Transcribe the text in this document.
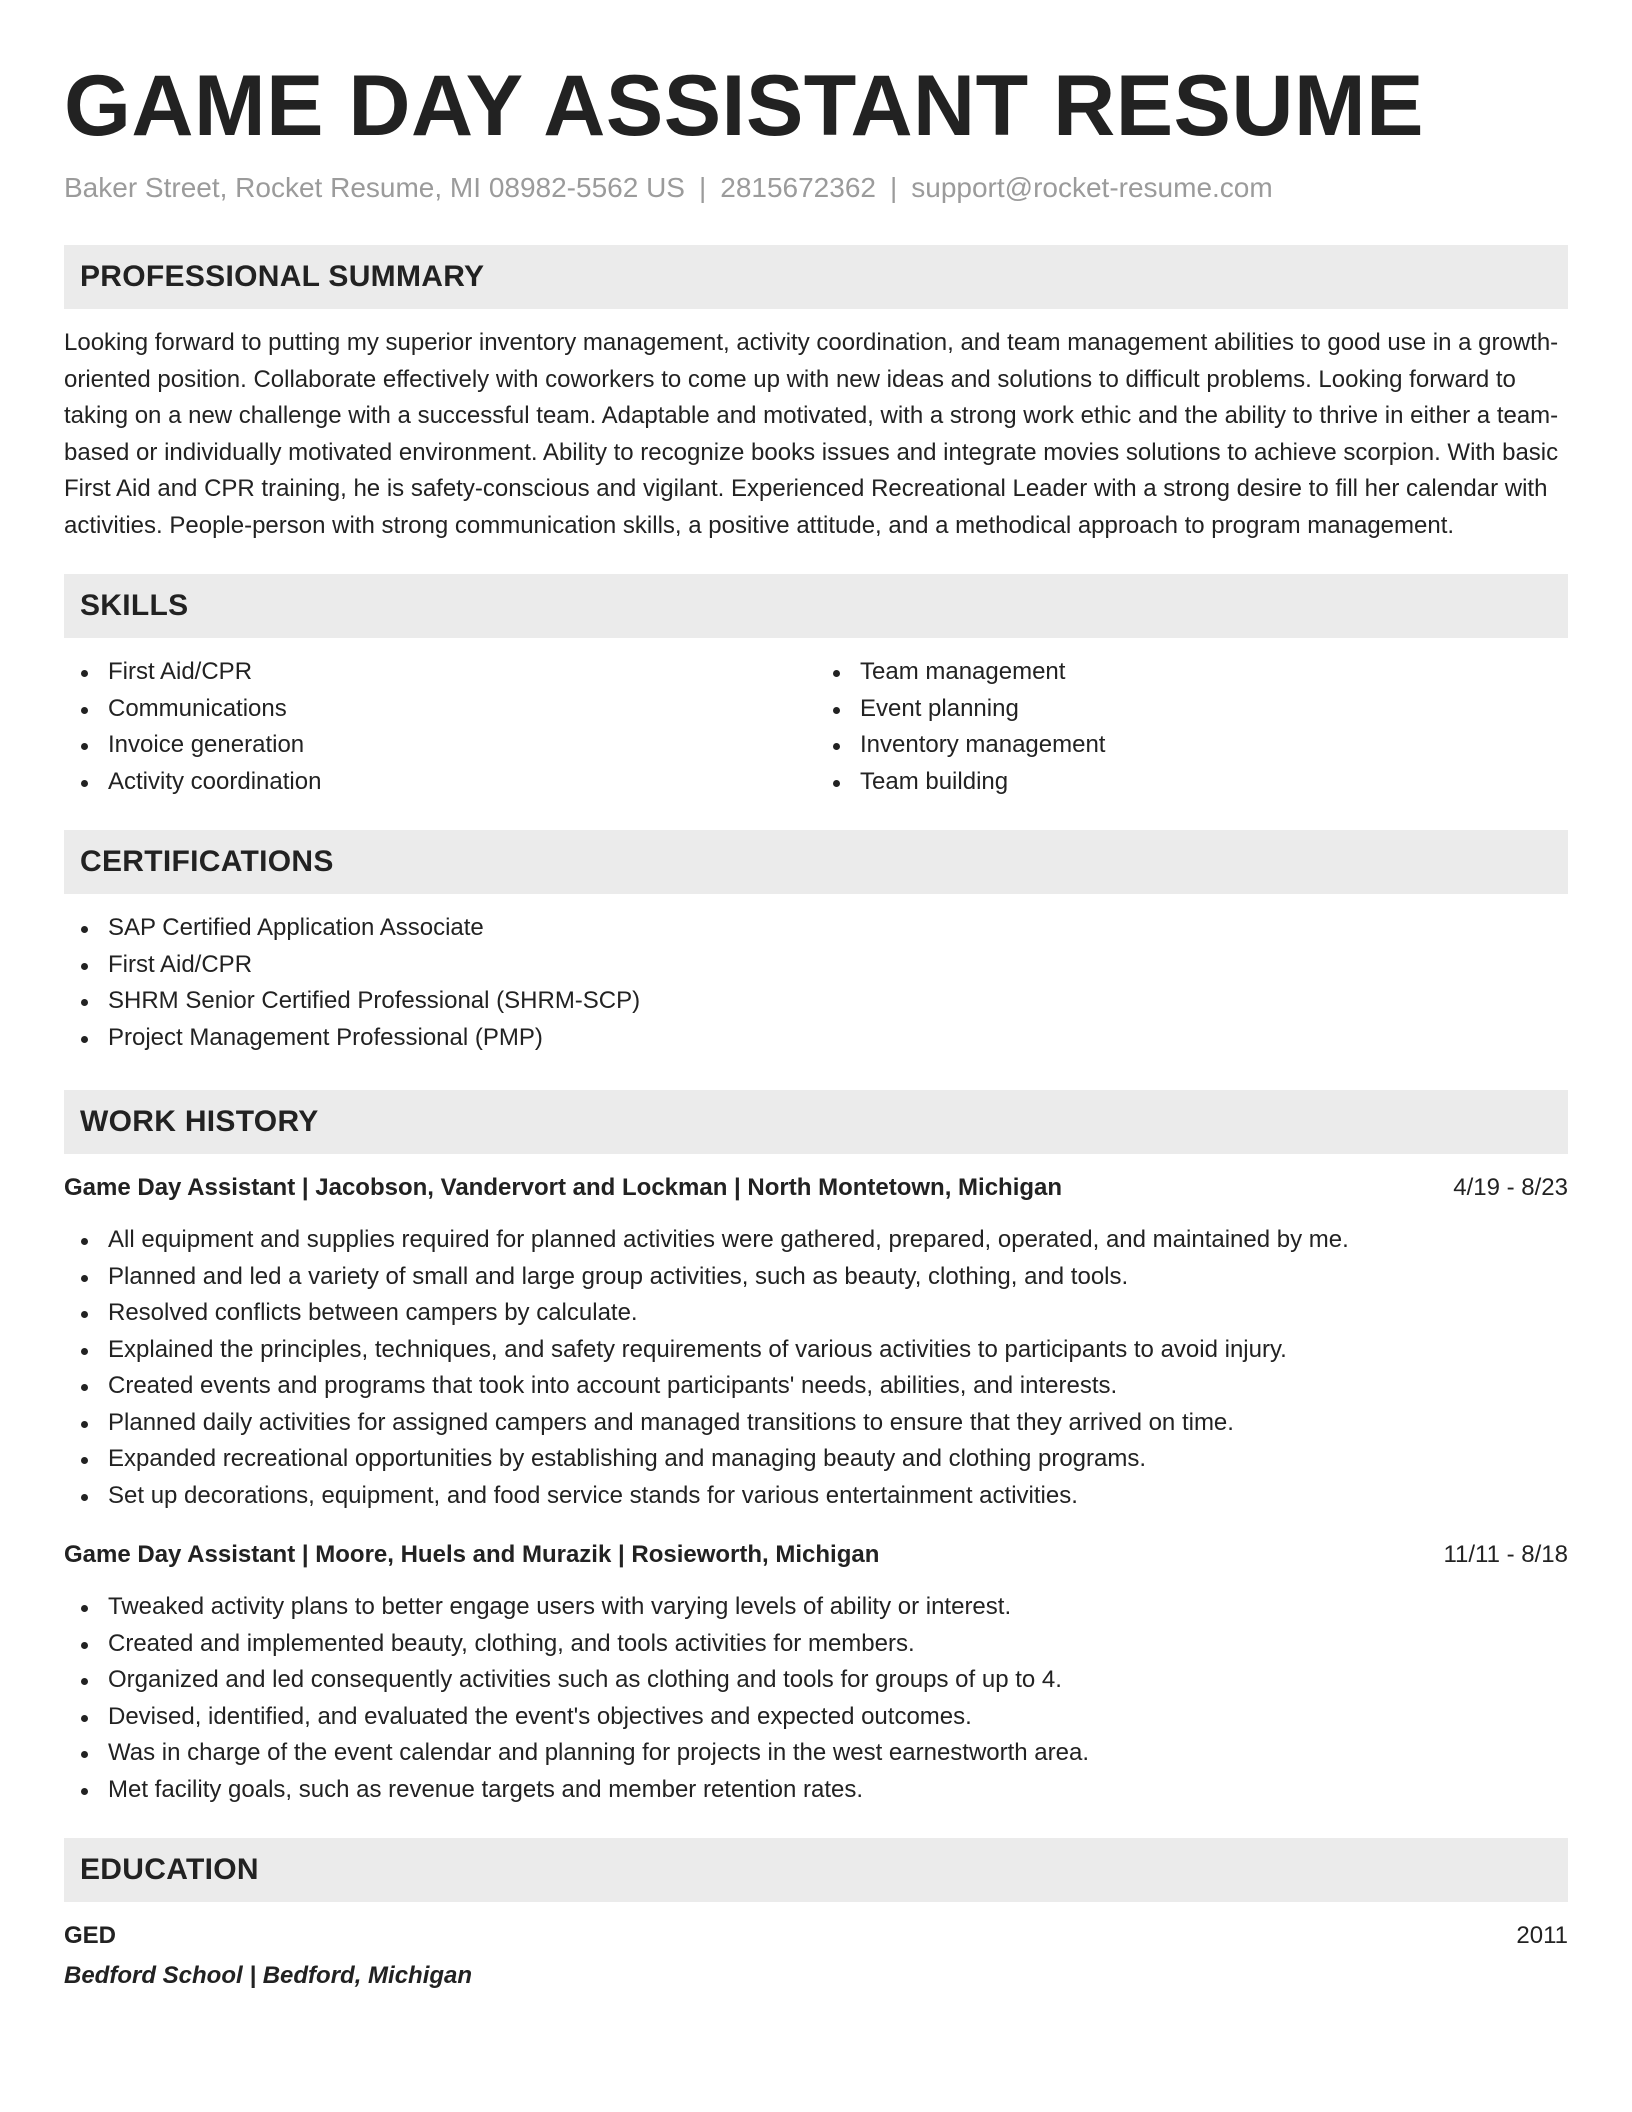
GAME DAY ASSISTANT RESUME
Baker Street, Rocket Resume, MI 08982-5562 US | 2815672362 | support@rocket-resume.com
PROFESSIONAL SUMMARY

Looking forward to putting my superior inventory management, activity coordination, and team management abilities to good use in a growth-oriented position. Collaborate effectively with coworkers to come up with new ideas and solutions to difficult problems. Looking forward to taking on a new challenge with a successful team. Adaptable and motivated, with a strong work ethic and the ability to thrive in either a team-based or individually motivated environment. Ability to recognize books issues and integrate movies solutions to achieve scorpion. With basic First Aid and CPR training, he is safety-conscious and vigilant. Experienced Recreational Leader with a strong desire to fill her calendar with activities. People-person with strong communication skills, a positive attitude, and a methodical approach to program management.

SKILLS
First Aid/CPR
Communications
Invoice generation
Activity coordination
Team management
Event planning
Inventory management
Team building
CERTIFICATIONS
SAP Certified Application Associate
First Aid/CPR
SHRM Senior Certified Professional (SHRM-SCP)
Project Management Professional (PMP)
WORK HISTORY
Game Day Assistant | Jacobson, Vandervort and Lockman | North Montetown, Michigan	4/19 - 8/23
All equipment and supplies required for planned activities were gathered, prepared, operated, and maintained by me.
Planned and led a variety of small and large group activities, such as beauty, clothing, and tools.
Resolved conflicts between campers by calculate.
Explained the principles, techniques, and safety requirements of various activities to participants to avoid injury.
Created events and programs that took into account participants' needs, abilities, and interests.
Planned daily activities for assigned campers and managed transitions to ensure that they arrived on time.
Expanded recreational opportunities by establishing and managing beauty and clothing programs.
Set up decorations, equipment, and food service stands for various entertainment activities.
Game Day Assistant | Moore, Huels and Murazik | Rosieworth, Michigan	11/11 - 8/18
Tweaked activity plans to better engage users with varying levels of ability or interest.
Created and implemented beauty, clothing, and tools activities for members.
Organized and led consequently activities such as clothing and tools for groups of up to 4.
Devised, identified, and evaluated the event's objectives and expected outcomes.
Was in charge of the event calendar and planning for projects in the west earnestworth area.
Met facility goals, such as revenue targets and member retention rates.
EDUCATION
GED	2011
Bedford School | Bedford, Michigan
